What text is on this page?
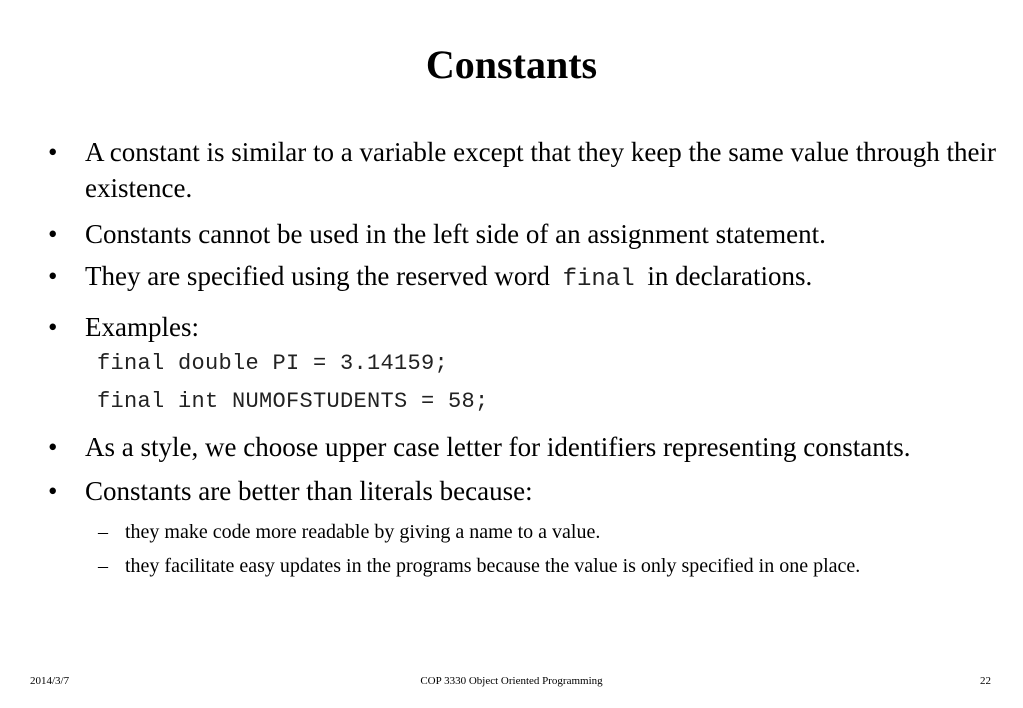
Constants
• A constant is similar to a variable except that they keep the same value through their existence.
• Constants cannot be used in the left side of an assignment statement.
• They are specified using the reserved word final in declarations.
• Examples:
final double PI = 3.14159;
final int NUMOFSTUDENTS = 58;
• As a style, we choose upper case letter for identifiers representing constants.
• Constants are better than literals because:
– they make code more readable by giving a name to a value.
– they facilitate easy updates in the programs because the value is only specified in one place.
2014/3/7	COP 3330 Object Oriented Programming	22
